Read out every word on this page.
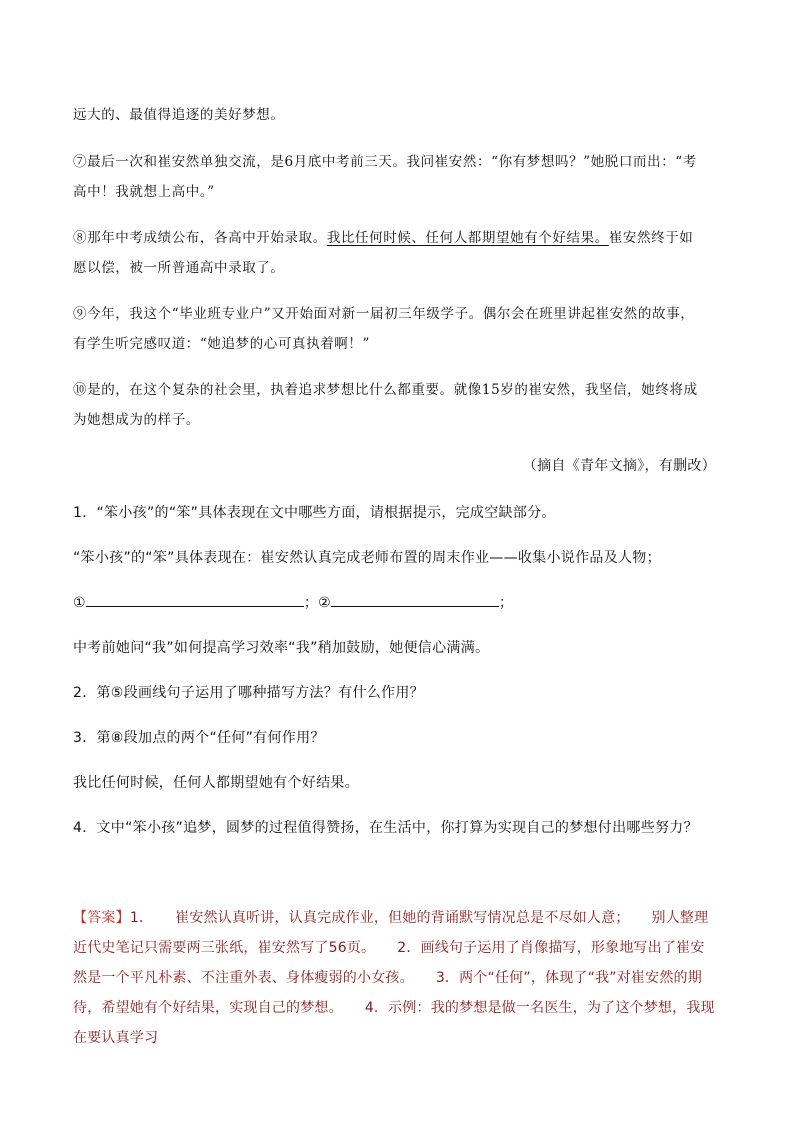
远大的、最值得追逐的美好梦想。
⑦最后一次和崔安然单独交流，是6月底中考前三天。我问崔安然：“你有梦想吗？”她脱口而出：“考
高中！我就想上高中。”
⑧那年中考成绩公布，各高中开始录取。我比任何时候、任何人都期望她有个好结果。崔安然终于如
愿以偿，被一所普通高中录取了。
⑨今年，我这个“毕业班专业户”又开始面对新一届初三年级学子。偶尔会在班里讲起崔安然的故事，
有学生听完感叹道：“她追梦的心可真执着啊！”
⑩是的，在这个复杂的社会里，执着追求梦想比什么都重要。就像15岁的崔安然，我坚信，她终将成
为她想成为的样子。
（摘自《青年文摘》，有删改）
1．“笨小孩”的“笨”具体表现在文中哪些方面，请根据提示，完成空缺部分。
“笨小孩”的“笨”具体表现在：崔安然认真完成老师布置的周末作业——收集小说作品及人物；
①	；②	；
中考前她问“我”如何提高学习效率“我”稍加鼓励，她便信心满满。
2．第⑤段画线句子运用了哪种描写方法？有什么作用？
3．第⑧段加点的两个“任何”有何作用？
我比任何时候，任何人都期望她有个好结果。
4．文中“笨小孩”追梦，圆梦的过程值得赞扬，在生活中，你打算为实现自己的梦想付出哪些努力？
【答案】1． 崔安然认真听讲，认真完成作业，但她的背诵默写情况总是不尽如人意； 别人整理近代史笔记只需要两三张纸，崔安然写了56页。 2．画线句子运用了肖像描写，形象地写出了崔安然是一个平凡朴素、不注重外表、身体瘦弱的小女孩。 3．两个“任何”，体现了“我”对崔安然的期待，希望她有个好结果，实现自己的梦想。 4．示例：我的梦想是做一名医生，为了这个梦想，我现在要认真学习
